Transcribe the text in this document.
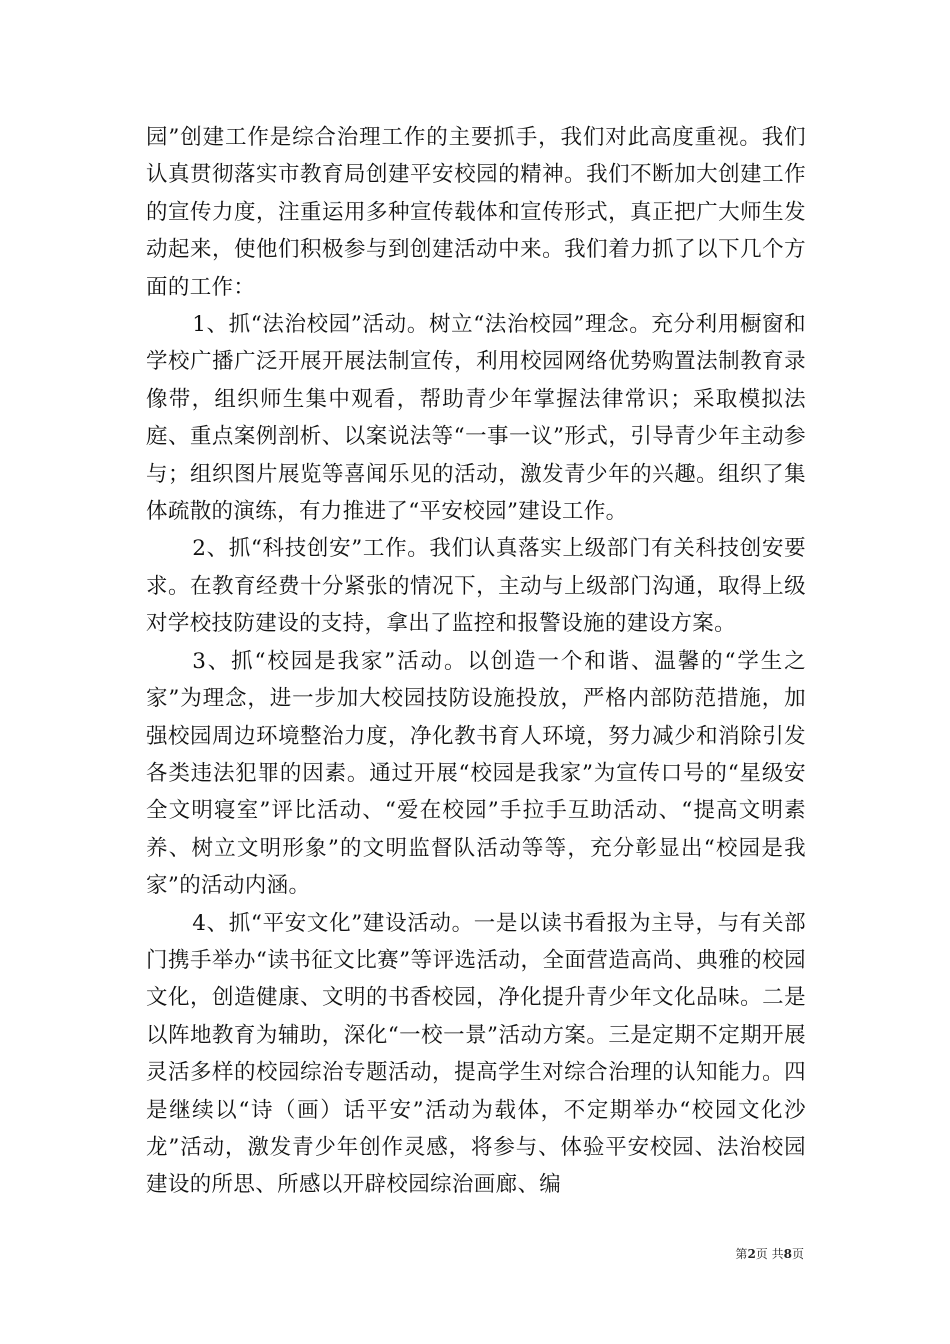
园”创建工作是综合治理工作的主要抓手，我们对此高度重视。我们认真贯彻落实市教育局创建平安校园的精神。我们不断加大创建工作的宣传力度，注重运用多种宣传载体和宣传形式，真正把广大师生发动起来，使他们积极参与到创建活动中来。我们着力抓了以下几个方面的工作：

1、抓“法治校园”活动。树立“法治校园”理念。充分利用橱窗和学校广播广泛开展开展法制宣传，利用校园网络优势购置法制教育录像带，组织师生集中观看，帮助青少年掌握法律常识；采取模拟法庭、重点案例剖析、以案说法等“一事一议”形式，引导青少年主动参与；组织图片展览等喜闻乐见的活动，激发青少年的兴趣。组织了集体疏散的演练，有力推进了“平安校园”建设工作。

2、抓“科技创安”工作。我们认真落实上级部门有关科技创安要求。在教育经费十分紧张的情况下，主动与上级部门沟通，取得上级对学校技防建设的支持，拿出了监控和报警设施的建设方案。

3、抓“校园是我家”活动。以创造一个和谐、温馨的“学生之家”为理念，进一步加大校园技防设施投放，严格内部防范措施，加强校园周边环境整治力度，净化教书育人环境，努力减少和消除引发各类违法犯罪的因素。通过开展“校园是我家”为宣传口号的“星级安全文明寝室”评比活动、“爱在校园”手拉手互助活动、“提高文明素养、树立文明形象”的文明监督队活动等等，充分彰显出“校园是我家”的活动内涵。

4、抓“平安文化”建设活动。一是以读书看报为主导，与有关部门携手举办“读书征文比赛”等评选活动，全面营造高尚、典雅的校园文化，创造健康、文明的书香校园，净化提升青少年文化品味。二是以阵地教育为辅助，深化“一校一景”活动方案。三是定期不定期开展灵活多样的校园综治专题活动，提高学生对综合治理的认知能力。四是继续以“诗（画）话平安”活动为载体，不定期举办“校园文化沙龙”活动，激发青少年创作灵感，将参与、体验平安校园、法治校园建设的所思、所感以开辟校园综治画廊、编

第2页 共8页
